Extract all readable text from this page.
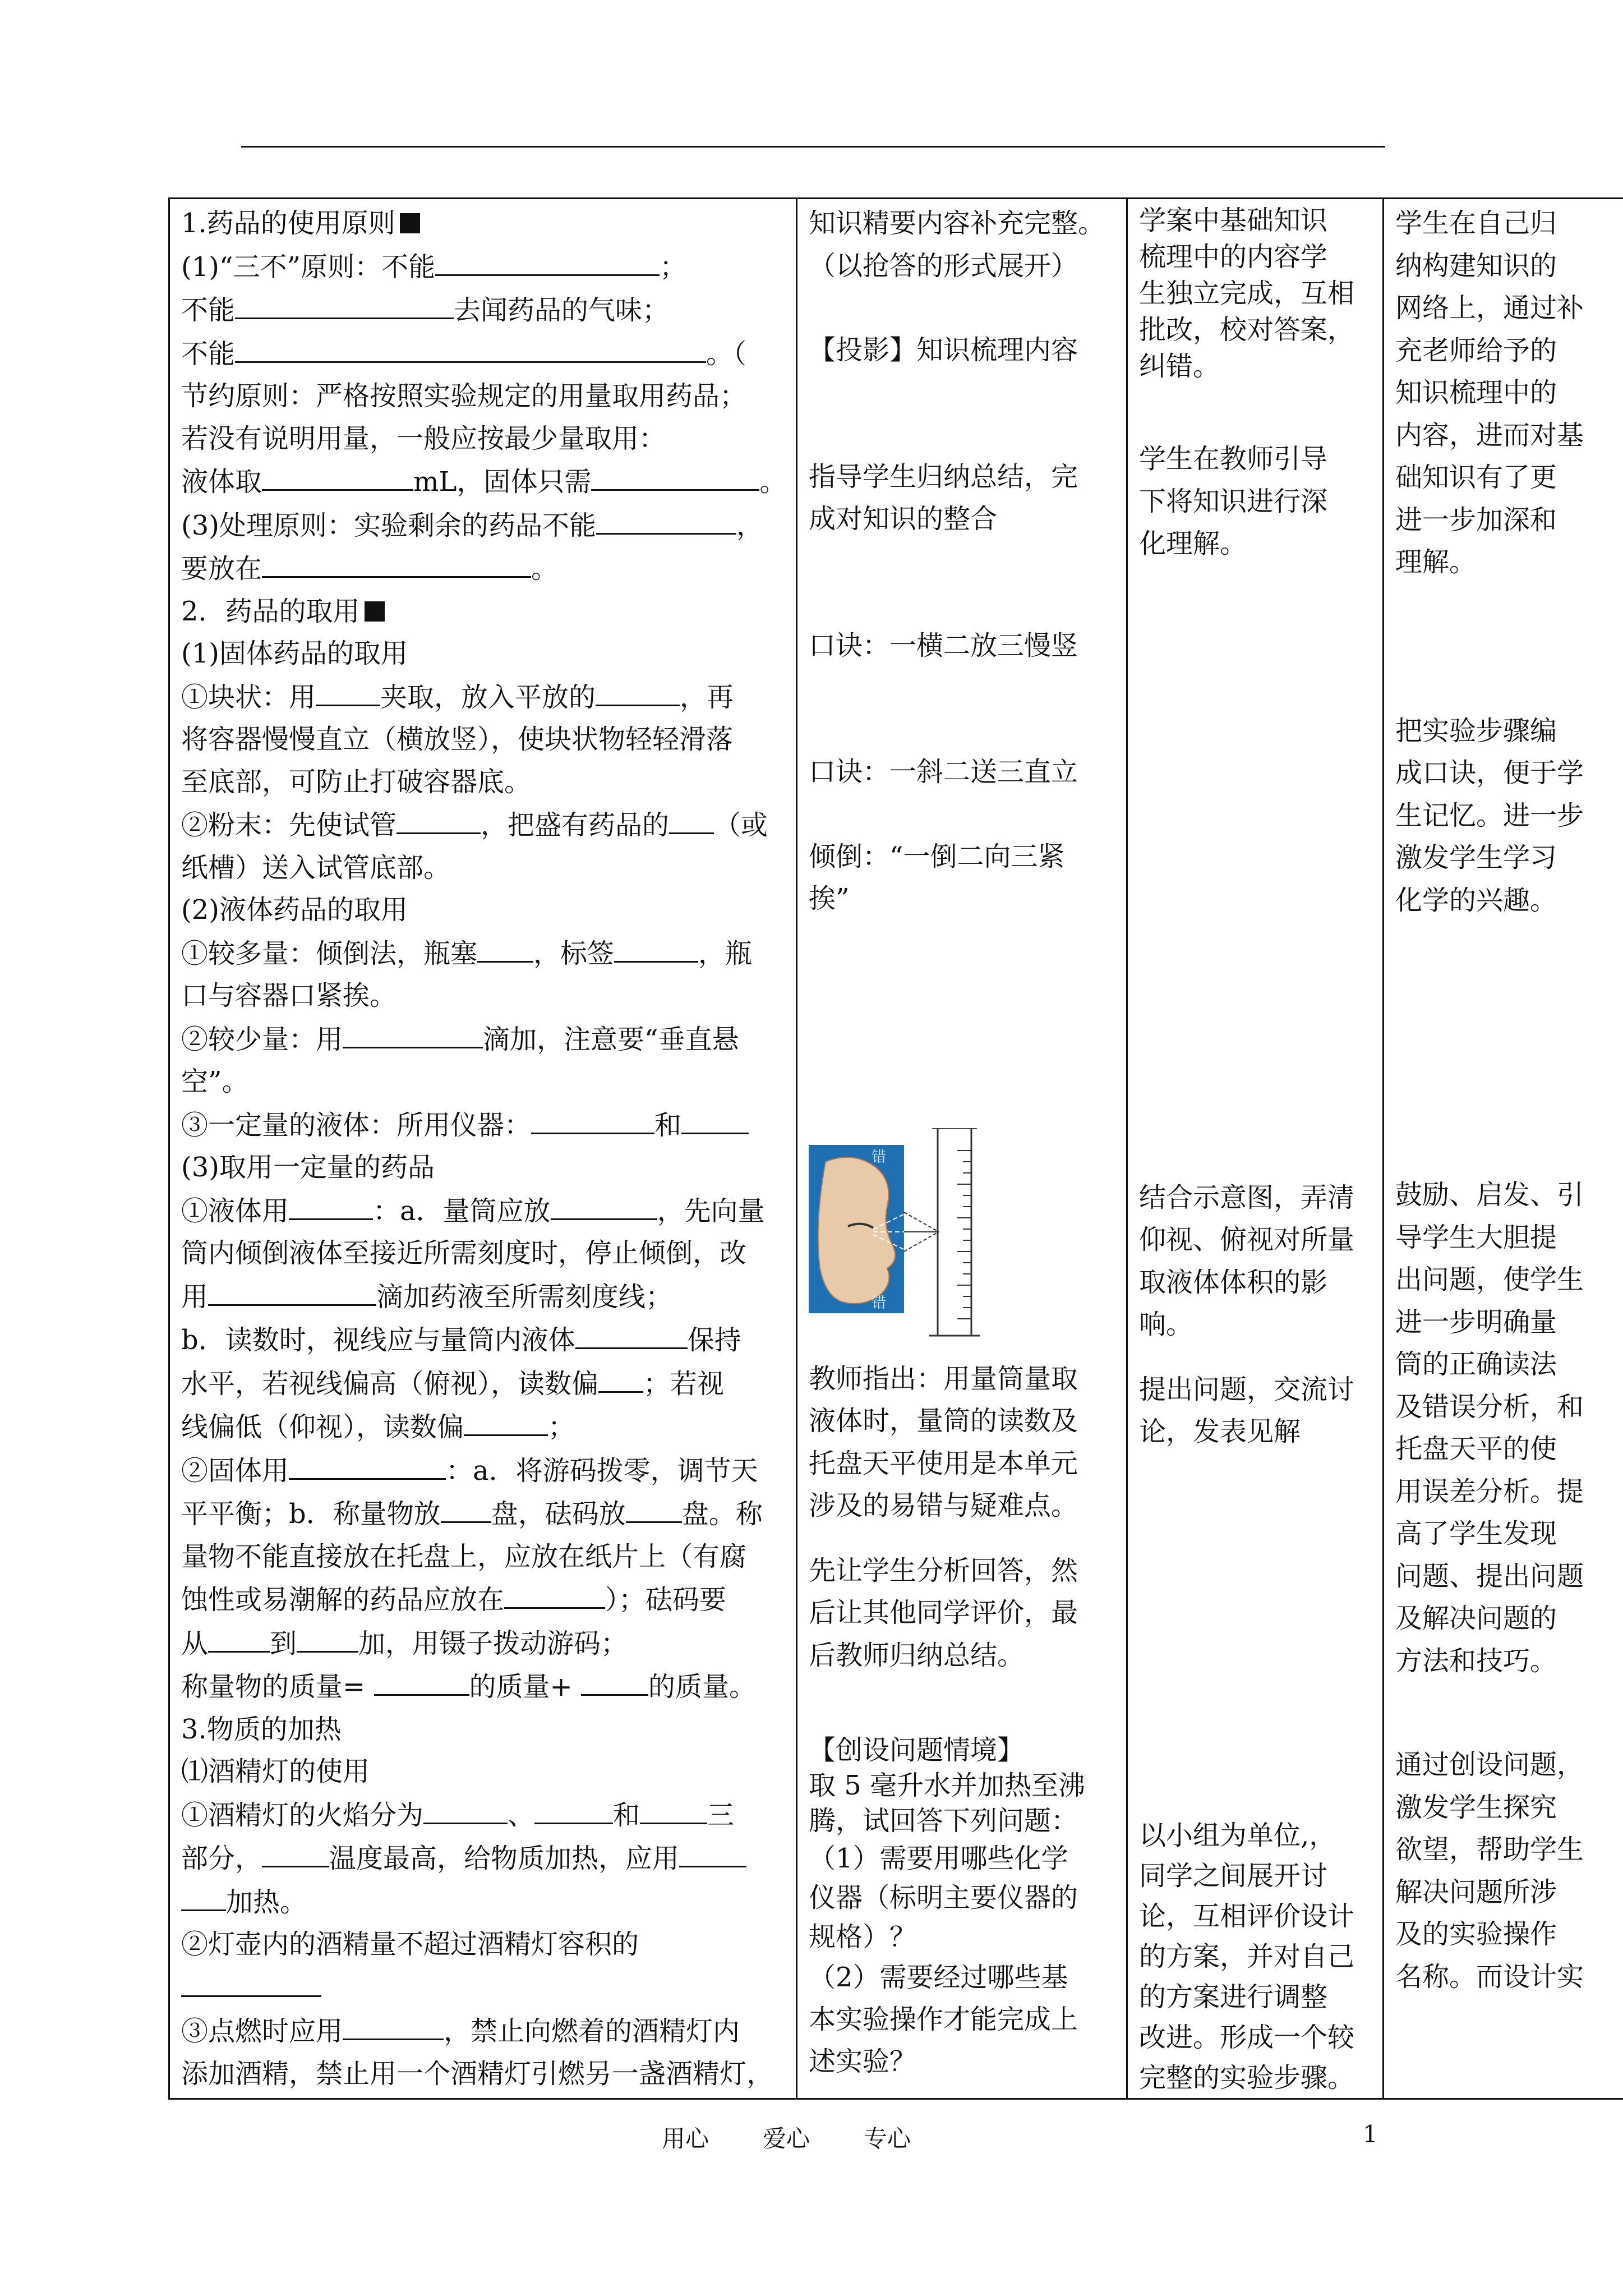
1.药品的使用原则
(1)“三不”原则：不能	；
不能	去闻药品的气味；
不能	。（
节约原则：严格按照实验规定的用量取用药品；
若没有说明用量，一般应按最少量取用：
液体取	mL，固体只需	。
(3)处理原则：实验剩余的药品不能	，
要放在	。
2．药品的取用
(1)固体药品的取用
①块状：用 夹取，放入平放的	，再
将容器慢慢直立（横放竖），使块状物轻轻滑落
至底部，可防止打破容器底。
②粉末：先使试管	，把盛有药品的 （或
纸槽）送入试管底部。
(2)液体药品的取用
①较多量：倾倒法，瓶塞 ，标签	，瓶
口与容器口紧挨。
②较少量：用	滴加，注意要“垂直悬
空”。
③一定量的液体：所用仪器：	和
(3)取用一定量的药品
①液体用	：a．量筒应放	，先向量
筒内倾倒液体至接近所需刻度时，停止倾倒，改
用	滴加药液至所需刻度线；
b．读数时，视线应与量筒内液体	保持
水平，若视线偏高（俯视），读数偏 ；若视
线偏低（仰视），读数偏	；
②固体用	：a．将游码拨零，调节天
平平衡；b．称量物放 盘，砝码放 盘。称
量物不能直接放在托盘上，应放在纸片上（有腐
蚀性或易潮解的药品应放在	）；砝码要
从 到 加，用镊子拨动游码；
称量物的质量=	的质量+	的质量。
3.物质的加热
⑴酒精灯的使用
①酒精灯的火焰分为	、	和	三
部分，	温度最高，给物质加热，应用
加热。
②灯壶内的酒精量不超过酒精灯容积的
③点燃时应用	，禁止向燃着的酒精灯内
添加酒精，禁止用一个酒精灯引燃另一盏酒精灯，

知识精要内容补充完整。
（以抢答的形式展开）
【投影】知识梳理内容
指导学生归纳总结，完
成对知识的整合
口诀：一横二放三慢竖
口诀：一斜二送三直立
倾倒：“一倒二向三紧
挨”
错
错
教师指出：用量筒量取
液体时，量筒的读数及
托盘天平使用是本单元
涉及的易错与疑难点。
先让学生分析回答，然
后让其他同学评价，最
后教师归纳总结。
【创设问题情境】
取 5 毫升水并加热至沸
腾，试回答下列问题：
（1）需要用哪些化学
仪器（标明主要仪器的
规格）？
（2）需要经过哪些基
本实验操作才能完成上
述实验？

学案中基础知识
梳理中的内容学
生独立完成，互相
批改，校对答案，
纠错。
学生在教师引导
下将知识进行深
化理解。
结合示意图，弄清
仰视、俯视对所量
取液体体积的影
响。
提出问题，交流讨
论，发表见解
以小组为单位,，
同学之间展开讨
论，互相评价设计
的方案，并对自己
的方案进行调整
改进。形成一个较
完整的实验步骤。

学生在自己归
纳构建知识的
网络上，通过补
充老师给予的
知识梳理中的
内容，进而对基
础知识有了更
进一步加深和
理解。
把实验步骤编
成口诀，便于学
生记忆。进一步
激发学生学习
化学的兴趣。
鼓励、启发、引
导学生大胆提
出问题，使学生
进一步明确量
筒的正确读法
及错误分析，和
托盘天平的使
用误差分析。提
高了学生发现
问题、提出问题
及解决问题的
方法和技巧。
通过创设问题，
激发学生探究
欲望，帮助学生
解决问题所涉
及的实验操作
名称。而设计实
用心 爱心 专心	1
